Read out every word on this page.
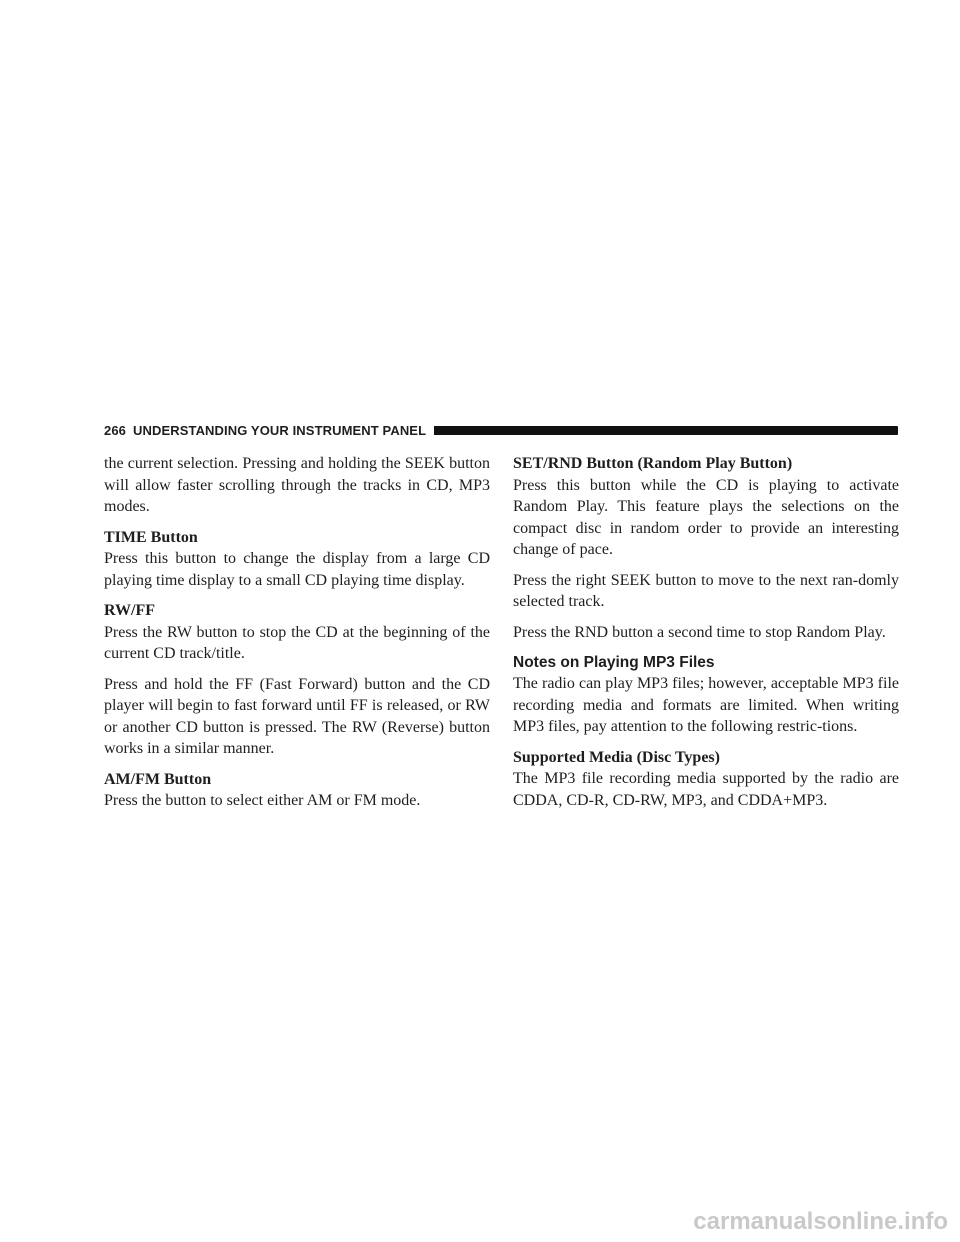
266 UNDERSTANDING YOUR INSTRUMENT PANEL

the current selection. Pressing and holding the SEEK button will allow faster scrolling through the tracks in CD, MP3 modes.

TIME Button

Press this button to change the display from a large CD playing time display to a small CD playing time display.

RW/FF

Press the RW button to stop the CD at the beginning of the current CD track/title.

Press and hold the FF (Fast Forward) button and the CD player will begin to fast forward until FF is released, or RW or another CD button is pressed. The RW (Reverse) button works in a similar manner.

AM/FM Button

Press the button to select either AM or FM mode.

SET/RND Button (Random Play Button)

Press this button while the CD is playing to activate Random Play. This feature plays the selections on the compact disc in random order to provide an interesting change of pace.

Press the right SEEK button to move to the next ran-domly selected track.

Press the RND button a second time to stop Random Play.

Notes on Playing MP3 Files

The radio can play MP3 files; however, acceptable MP3 file recording media and formats are limited. When writing MP3 files, pay attention to the following restric-tions.

Supported Media (Disc Types)

The MP3 file recording media supported by the radio are CDDA, CD-R, CD-RW, MP3, and CDDA+MP3.

carmanualsonline.info
